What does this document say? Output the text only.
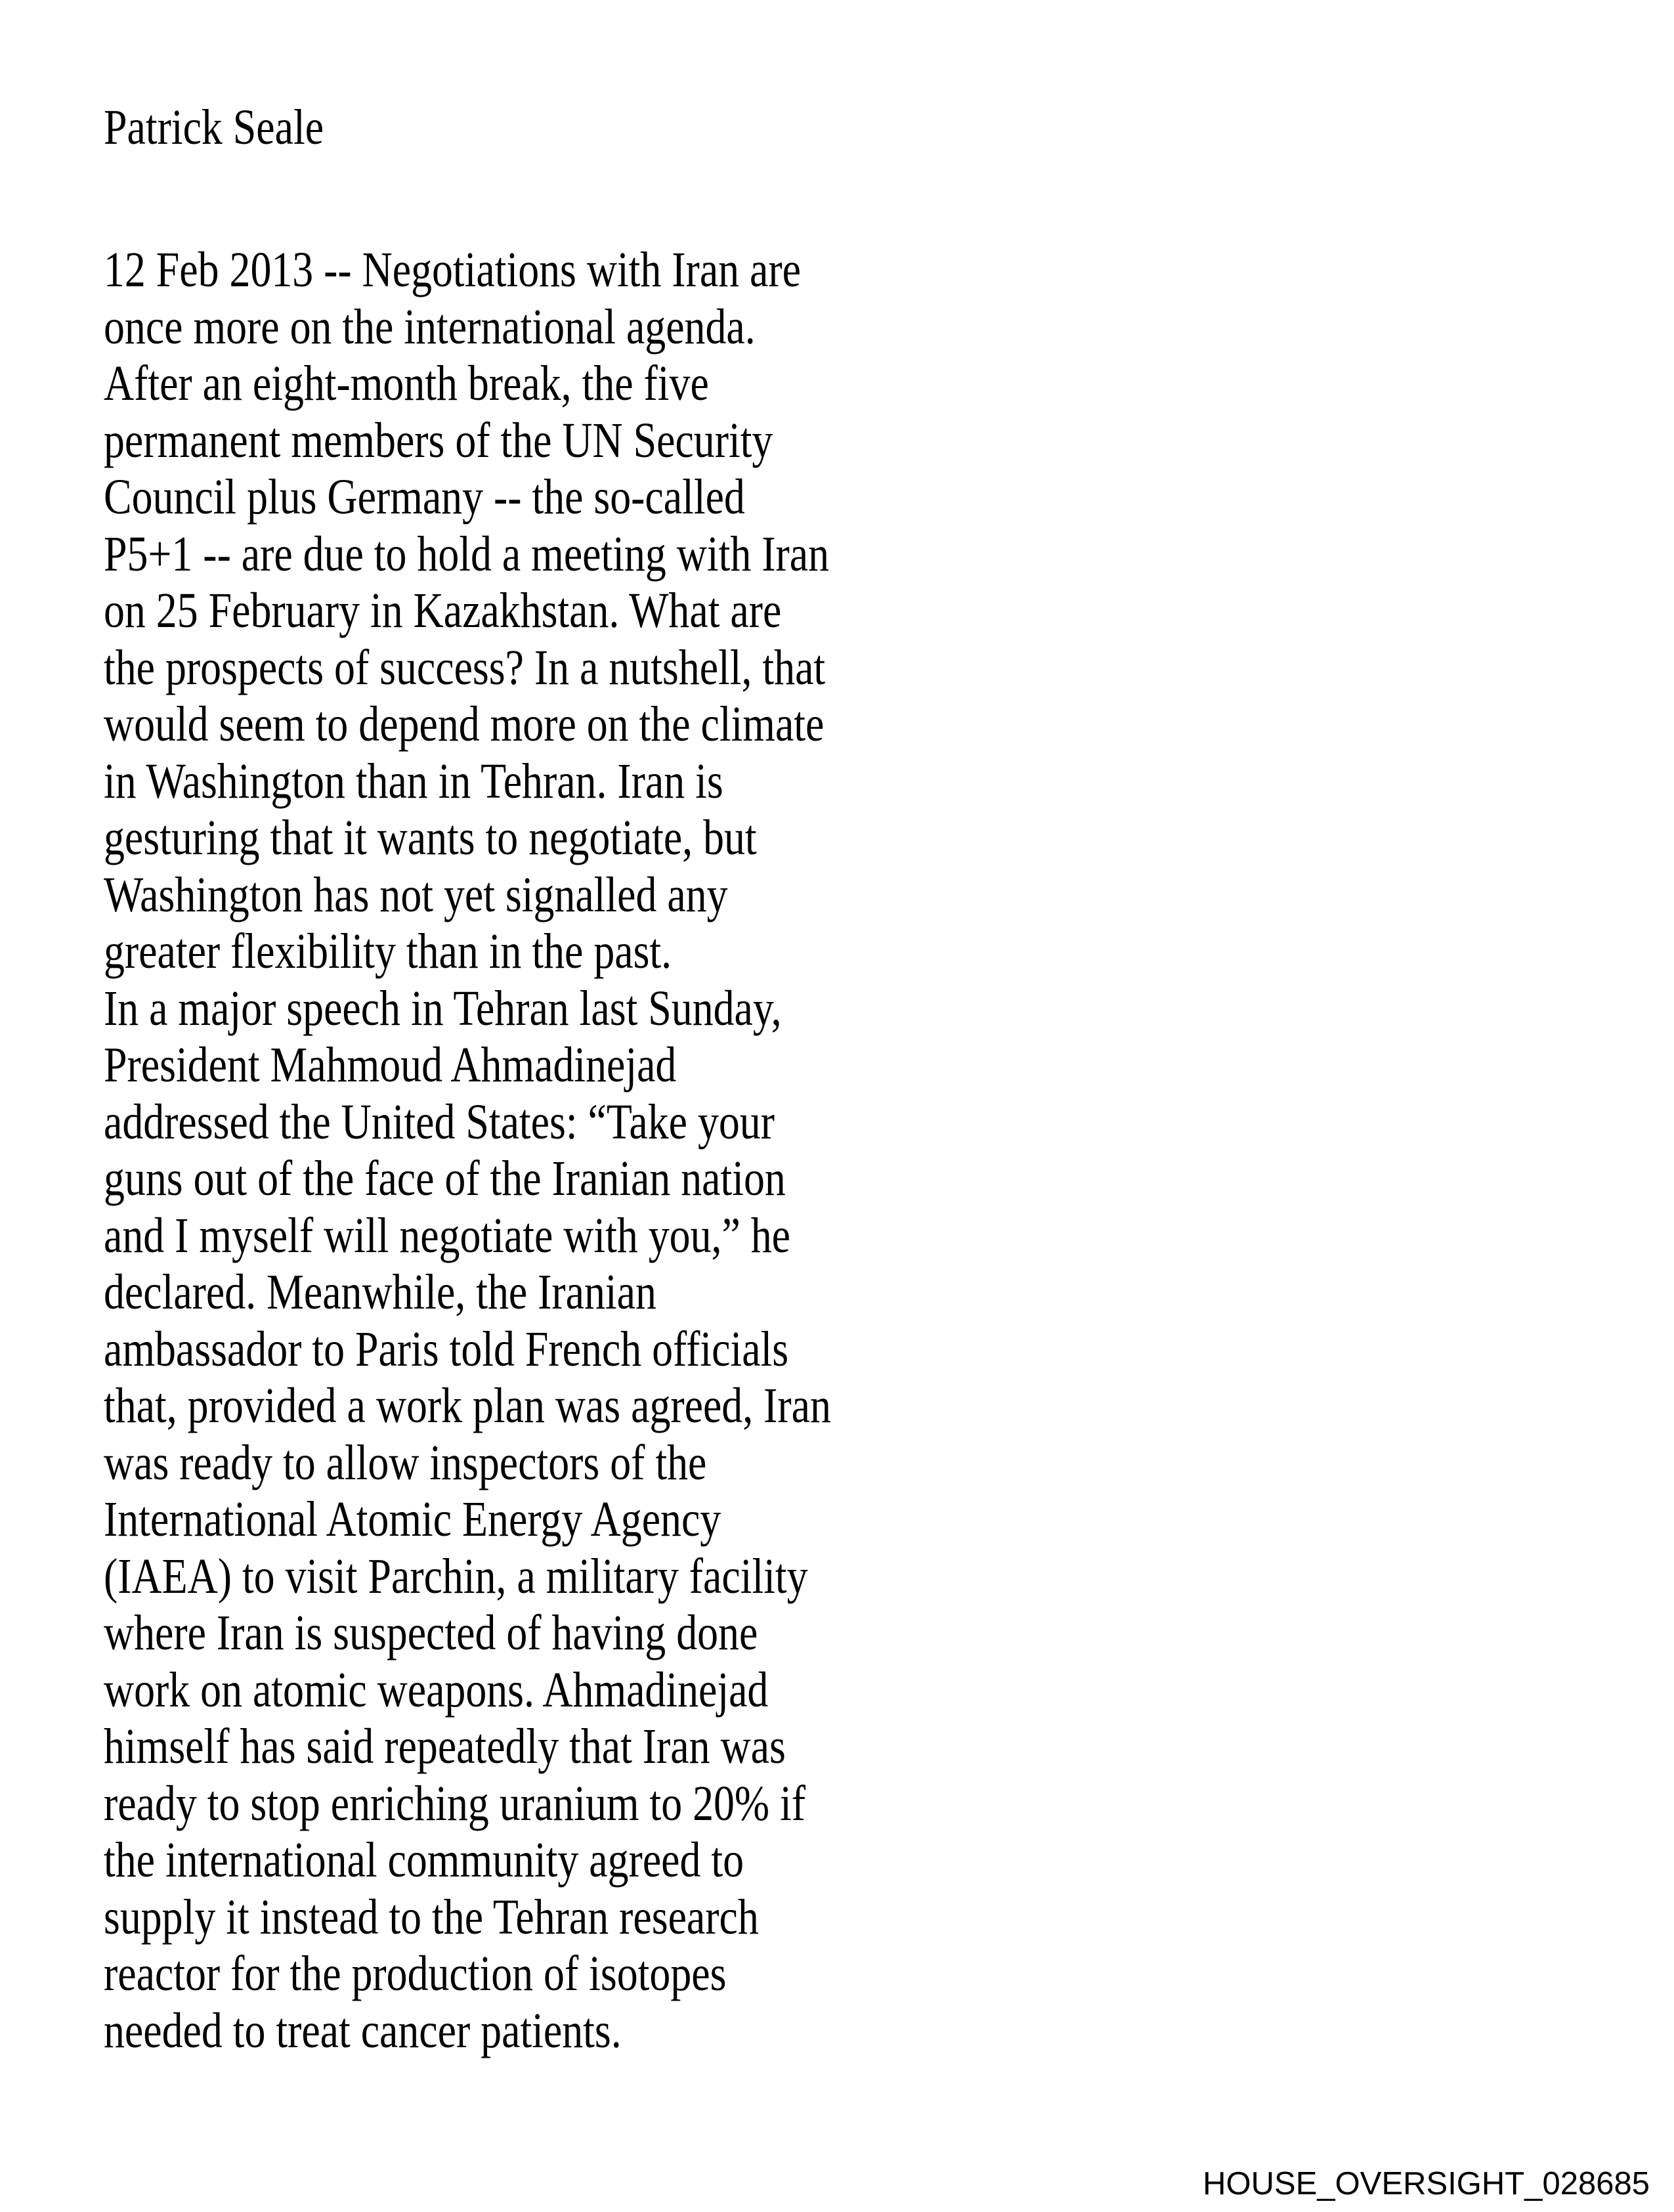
Patrick Seale
12 Feb 2013 -- Negotiations with Iran are
once more on the international agenda.
After an eight-month break, the five
permanent members of the UN Security
Council plus Germany -- the so-called
P5+1 -- are due to hold a meeting with Iran
on 25 February in Kazakhstan. What are
the prospects of success? In a nutshell, that
would seem to depend more on the climate
in Washington than in Tehran. Iran is
gesturing that it wants to negotiate, but
Washington has not yet signalled any
greater flexibility than in the past.
In a major speech in Tehran last Sunday,
President Mahmoud Ahmadinejad
addressed the United States: “Take your
guns out of the face of the Iranian nation
and I myself will negotiate with you,” he
declared. Meanwhile, the Iranian
ambassador to Paris told French officials
that, provided a work plan was agreed, Iran
was ready to allow inspectors of the
International Atomic Energy Agency
(IAEA) to visit Parchin, a military facility
where Iran is suspected of having done
work on atomic weapons. Ahmadinejad
himself has said repeatedly that Iran was
ready to stop enriching uranium to 20% if
the international community agreed to
supply it instead to the Tehran research
reactor for the production of isotopes
needed to treat cancer patients.
HOUSE_OVERSIGHT_028685
